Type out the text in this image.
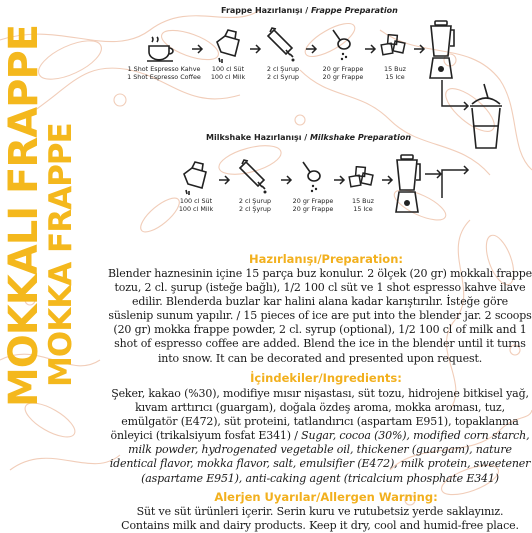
MOKKALI FRAPPE
MOKKA FRAPPE
Frappe Hazırlanışı / Frappe Preparation
1 Shot Espresso Kahve
1 Shot Espresso Coffee
100 cl Süt
100 cl Milk
2 cl Şurup
2 cl Syrup
20 gr Frappe
20 gr Frappe
15 Buz
15 Ice
Milkshake Hazırlanışı / Milkshake Preparation
100 cl Süt
100 cl Milk
2 cl Şurup
2 cl Şyrup
20 gr Frappe
20 gr Frappe
15 Buz
15 Ice
Hazırlanışı/Preparation:
Blender haznesinin içine 15 parça buz konulur. 2 ölçek (20 gr) mokkalı frappe tozu, 2 cl. şurup (isteğe bağlı), 1/2 100 cl süt ve 1 shot espresso kahve ilave edilir. Blenderda buzlar kar halini alana kadar karıştırılır. İsteğe göre süslenip sunum yapılır. / 15 pieces of ice are put into the blender jar. 2 scoops (20 gr) mokka frappe powder, 2 cl. syrup (optional), 1/2 100 cl of milk and 1 shot of espresso coffee are added. Blend the ice in the blender until it turns into snow. It can be decorated and presented upon request.
İçindekiler/Ingredients:
Şeker, kakao (%30), modifiye mısır nişastası, süt tozu, hidrojene bitkisel yağ, kıvam arttırıcı (guargam), doğala özdeş aroma, mokka aroması, tuz, emülgatör (E472), süt proteini, tatlandırıcı (aspartam E951), topaklanma önleyici (trikalsiyum fosfat E341) / Sugar, cocoa (30%), modified corn starch, milk powder, hydrogenated vegetable oil, thickener (guargam), nature identical flavor, mokka flavor, salt, emulsifier (E472), milk protein, sweetener (aspartame E951), anti-caking agent (tricalcium phosphate E341)
Alerjen Uyarılar/Allergen Warning:
Süt ve süt ürünleri içerir. Serin kuru ve rutubetsiz yerde saklayınız.
Contains milk and dairy products. Keep it dry, cool and humid-free place.
